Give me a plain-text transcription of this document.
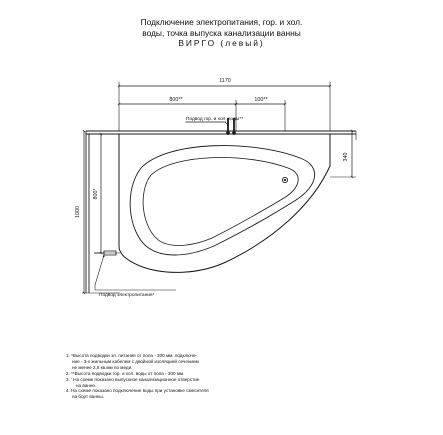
Подключение электропитания, гор. и хол.
воды, точка выпуска канализации ванны
ВИРГО (левый)
1170
800**	100**
340
1000
800*
Подвод гор. и хол. воды**
Подвод электропитания*
1. *Высота подводки эл. питания от пола - 300 мм, подключе-
ние - 3-х жильным кабелем с двойной изоляцией сечением
не менее 2,5 кв.мм по меди.
2. **Высота подводки гор. и хол. воды от пола - 300 мм.
3. ' На схеме показано выпускное канализационное отверстие
на ванне.
4. На схеме показано подключение воды при установке смесителя
на борт ванны.
